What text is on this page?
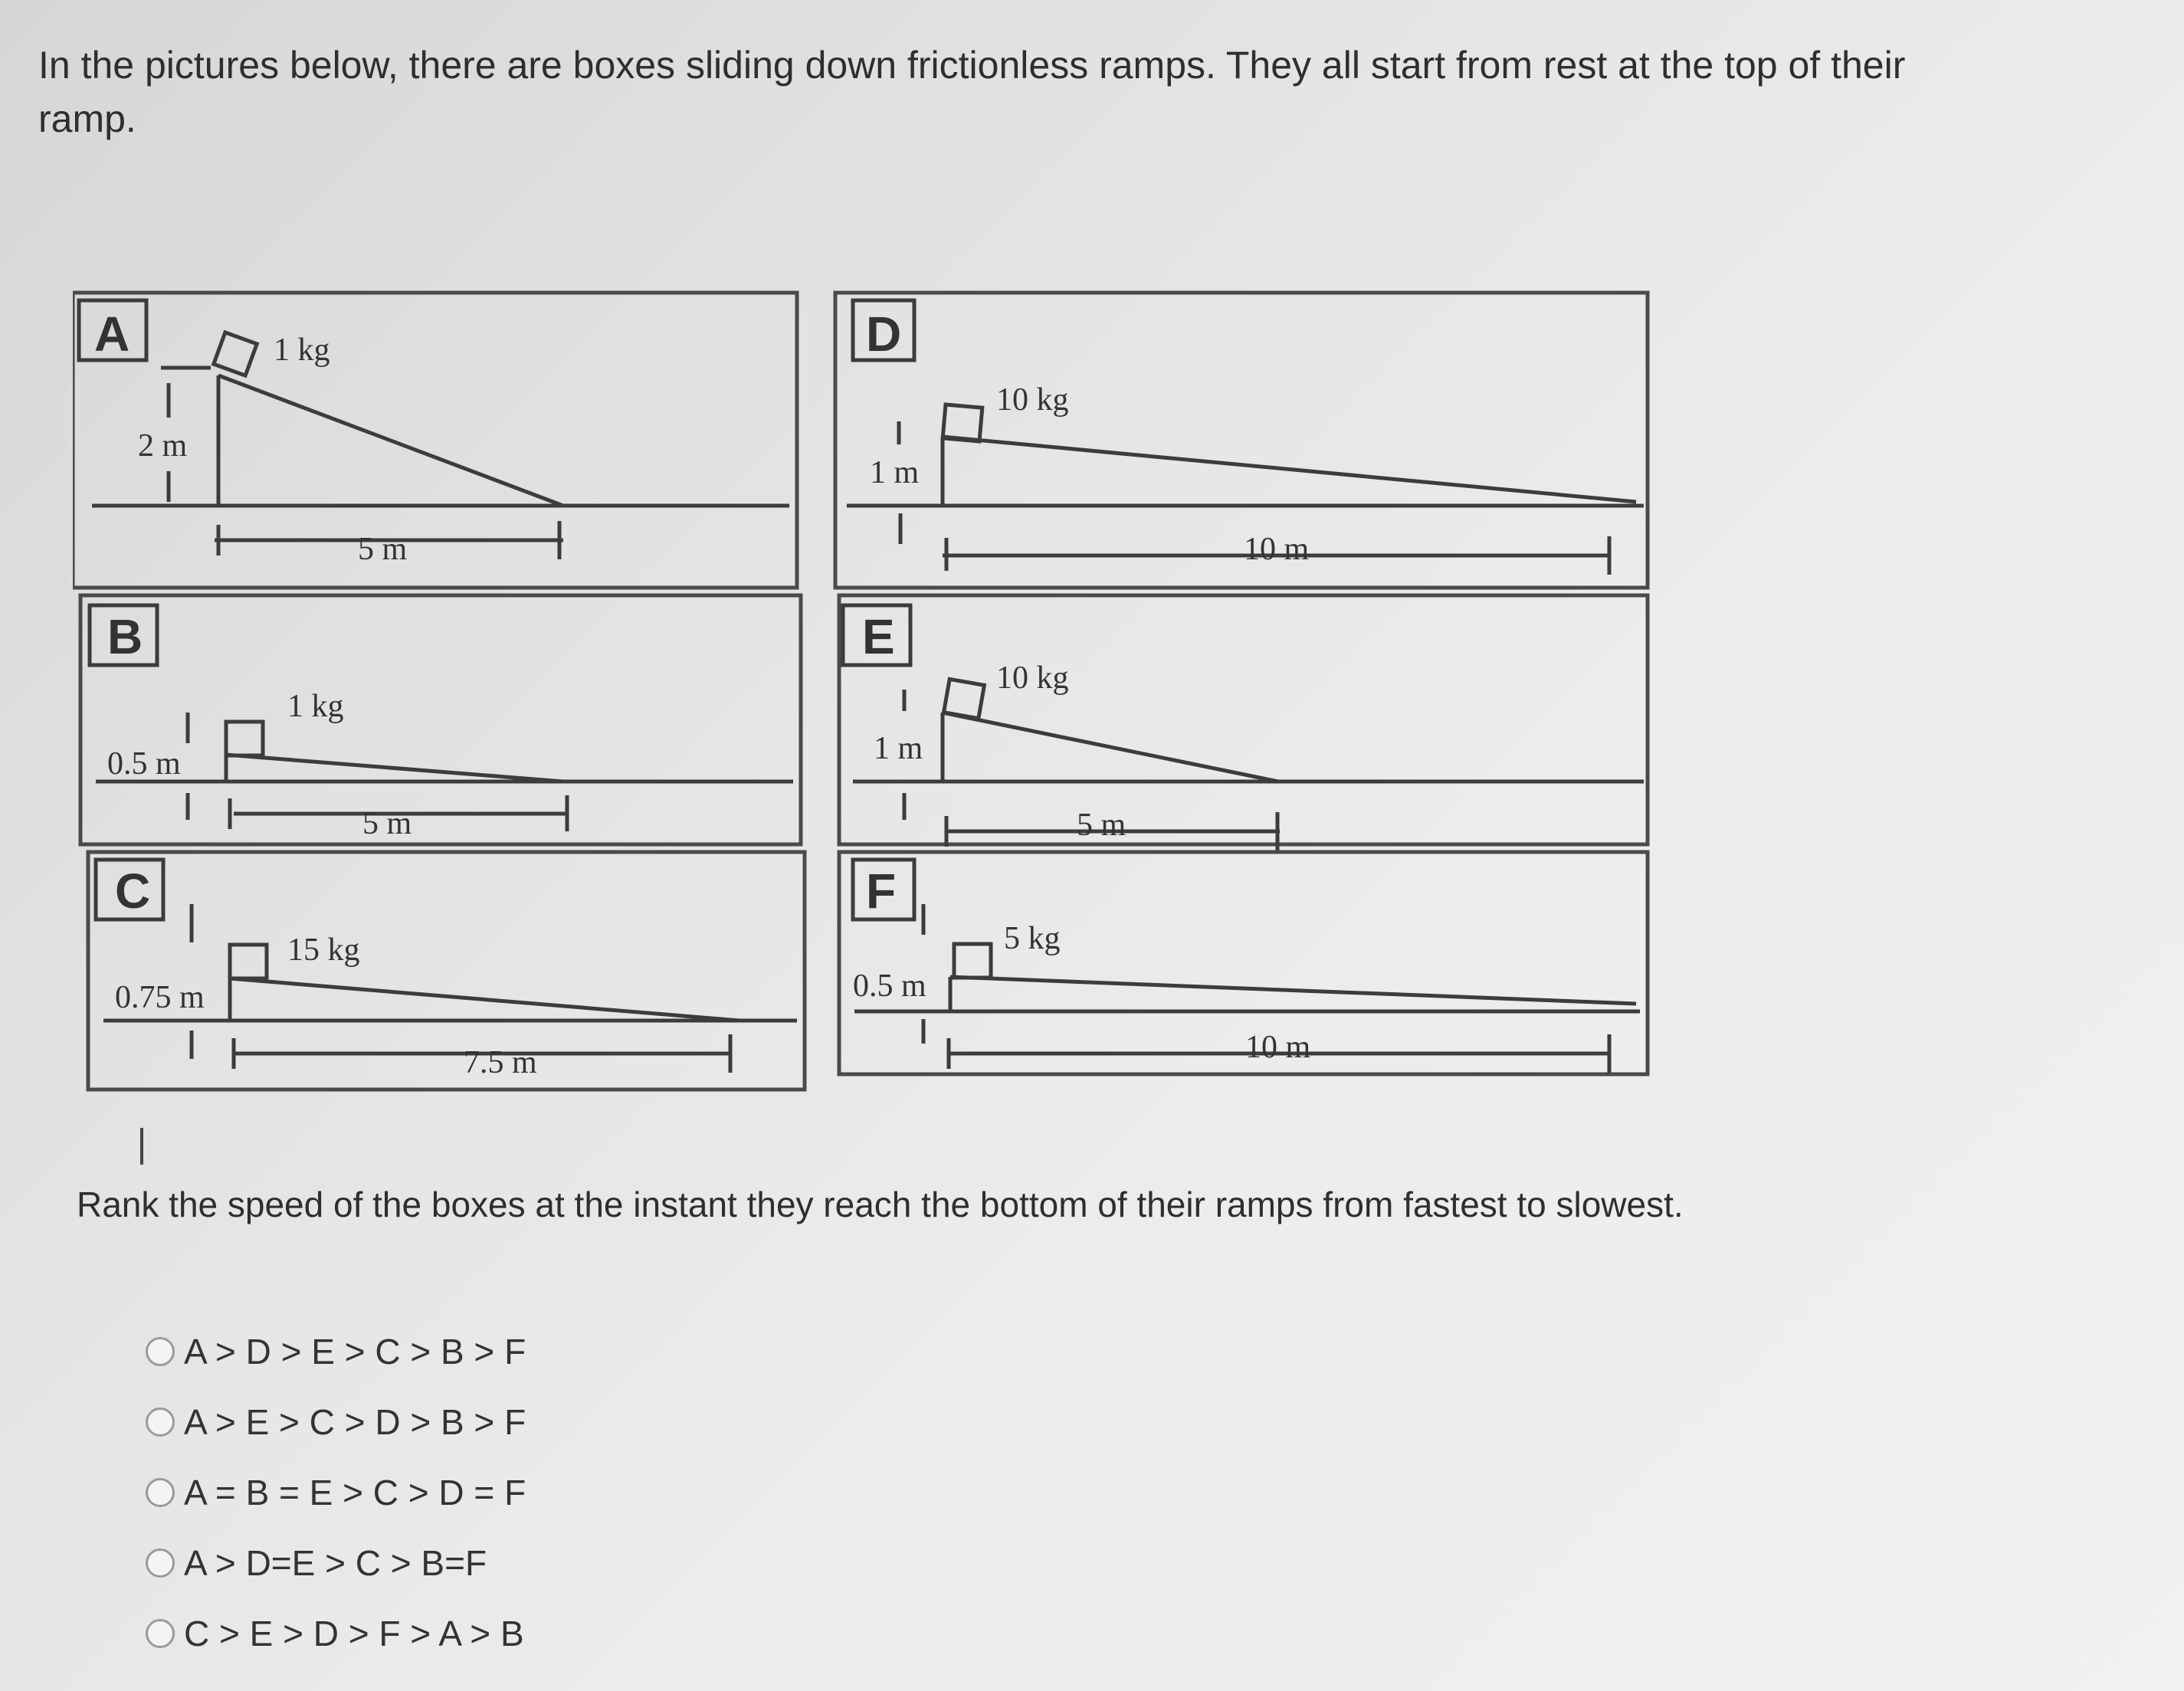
In the pictures below, there are boxes sliding down frictionless ramps. They all start from rest at the top of their ramp.
A	1 kg
2 m
5 m
B
1 kg
0.5 m
5 m
C
15 kg
0.75 m
7.5 m
D
10 kg
1 m
10 m
E
10 kg
1 m
5 m
F
5 kg
0.5 m
10 m
Rank the speed of the boxes at the instant they reach the bottom of their ramps from fastest to slowest.
A > D > E > C > B > F
A > E > C > D > B > F
A = B = E > C > D = F
A > D=E > C > B=F
C > E > D > F > A > B
